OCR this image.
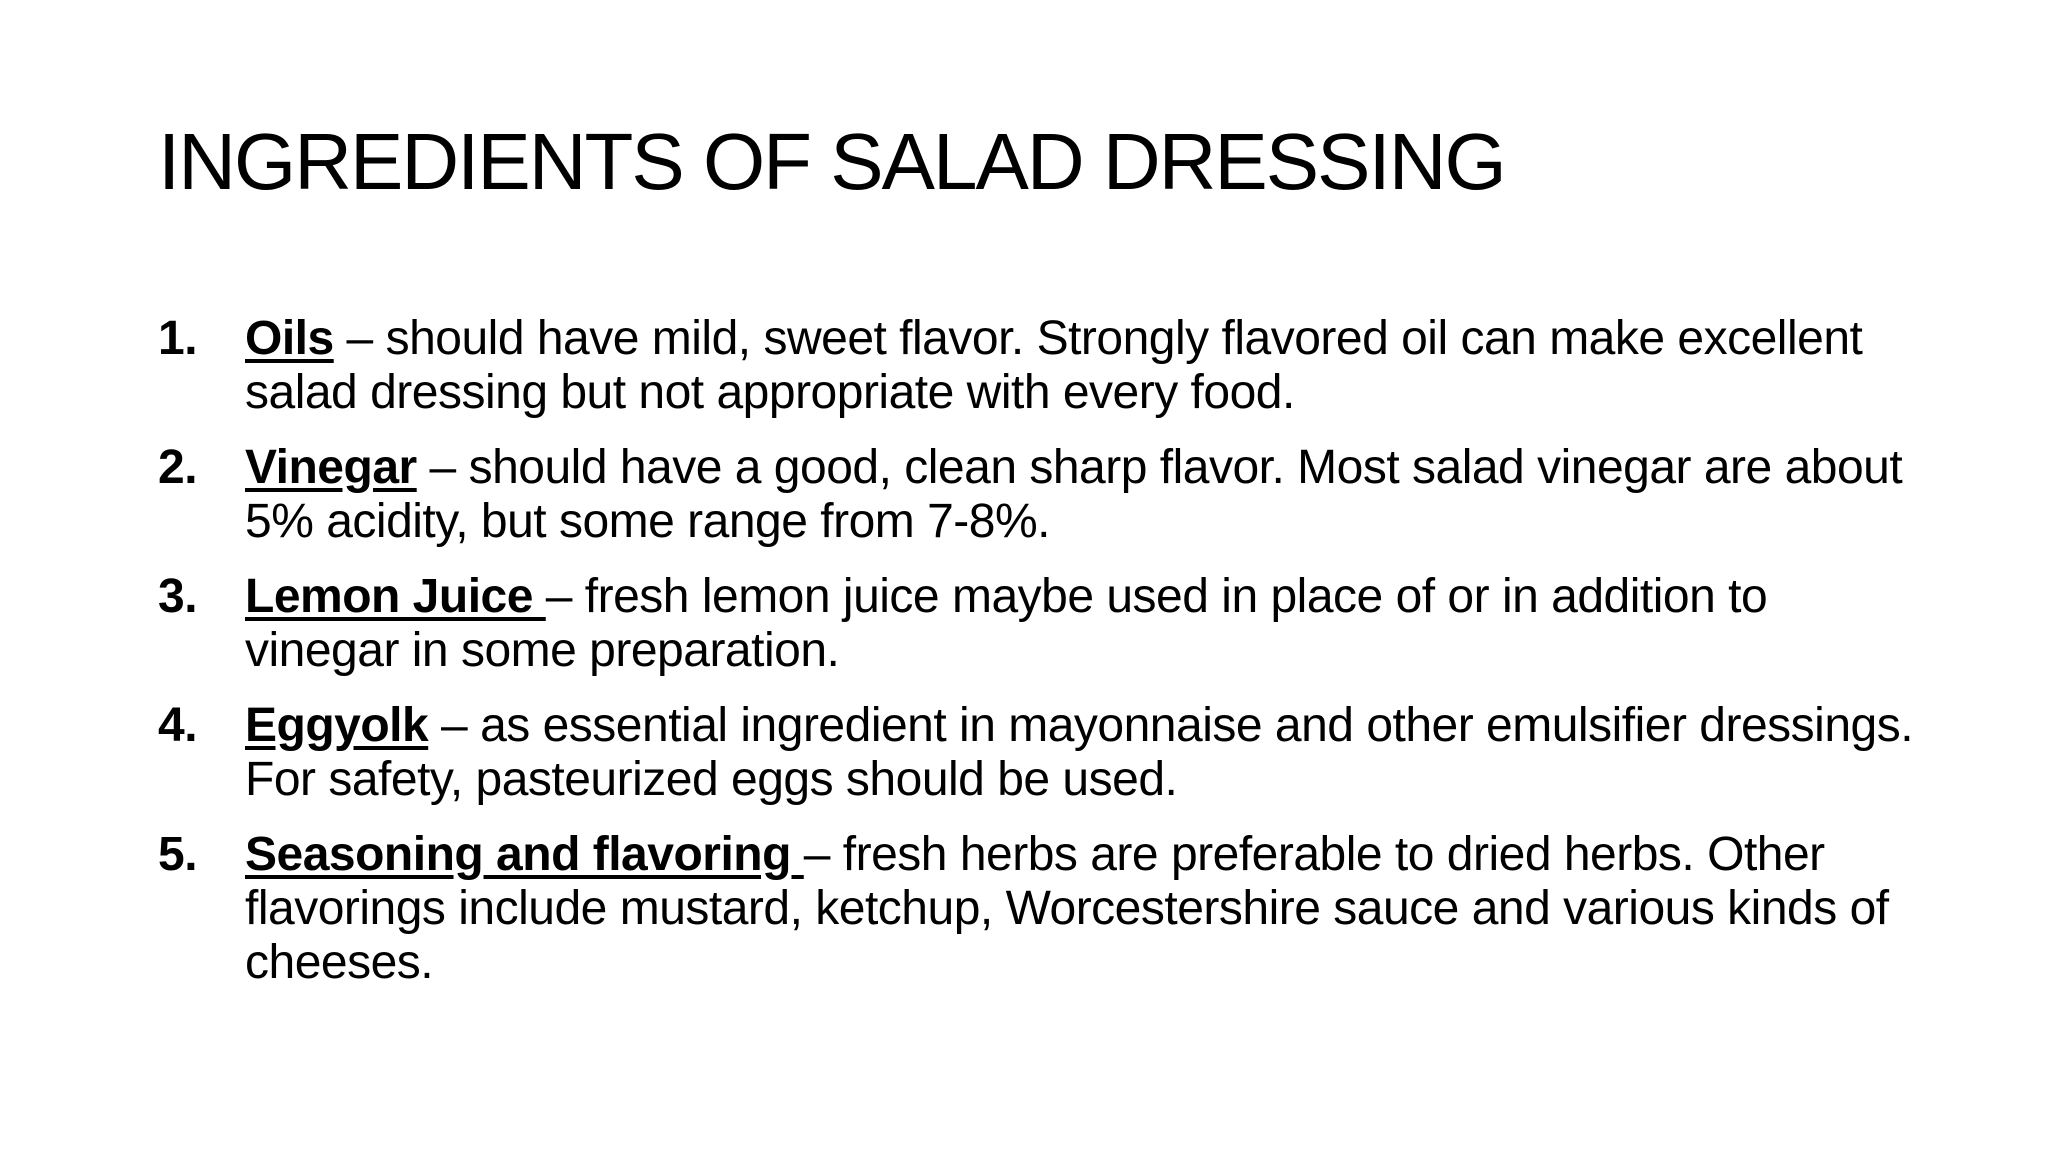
INGREDIENTS OF SALAD DRESSING
1. Oils – should have mild, sweet flavor. Strongly flavored oil can make excellent salad dressing but not appropriate with every food.
2. Vinegar – should have a good, clean sharp flavor. Most salad vinegar are about 5% acidity, but some range from 7-8%.
3. Lemon Juice – fresh lemon juice maybe used in place of or in addition to vinegar in some preparation.
4. Eggyolk – as essential ingredient in mayonnaise and other emulsifier dressings. For safety, pasteurized eggs should be used.
5. Seasoning and flavoring – fresh herbs are preferable to dried herbs. Other flavorings include mustard, ketchup, Worcestershire sauce and various kinds of cheeses.
